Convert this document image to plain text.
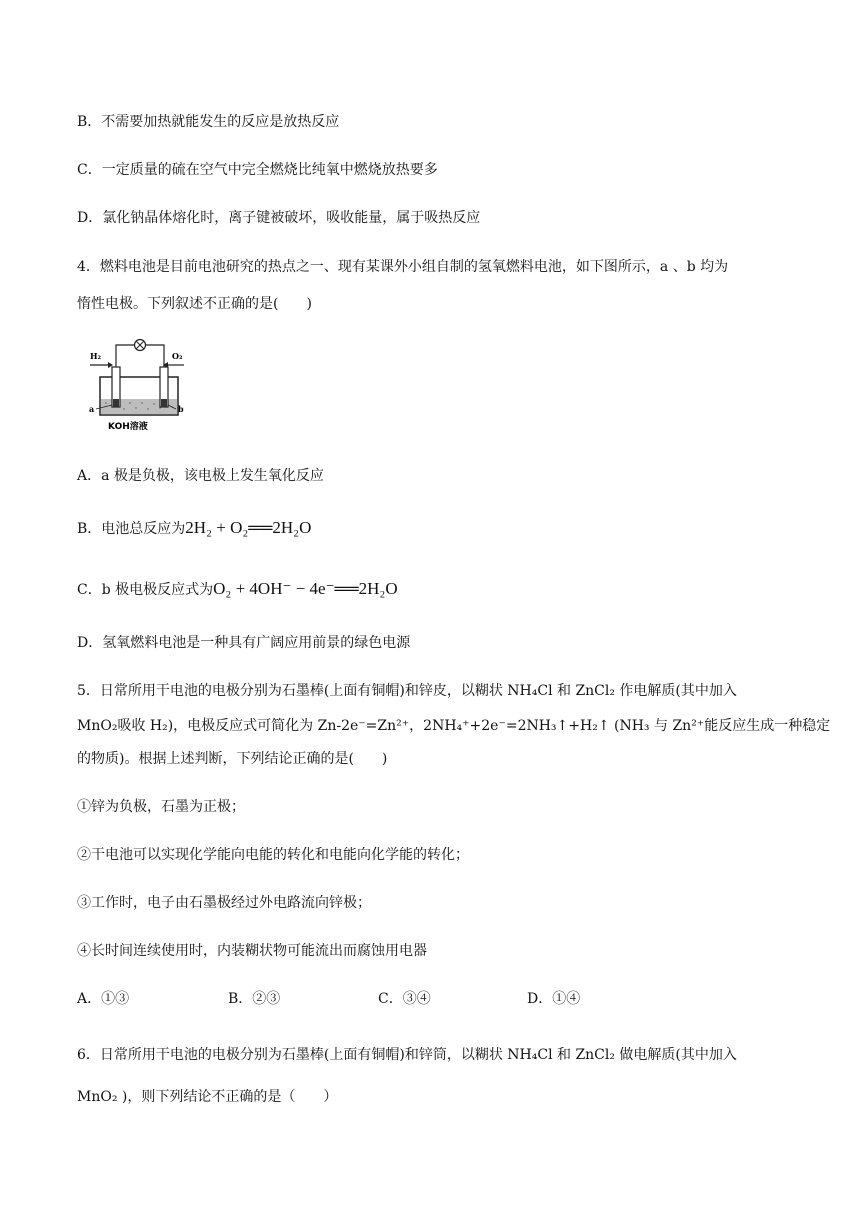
B．不需要加热就能发生的反应是放热反应
C．一定质量的硫在空气中完全燃烧比纯氧中燃烧放热要多
D．氯化钠晶体熔化时，离子键被破坏，吸收能量，属于吸热反应
4．燃料电池是目前电池研究的热点之一、现有某课外小组自制的氢氧燃料电池，如下图所示，a 、b 均为
惰性电极。下列叙述不正确的是(　　)
H₂	O₂
a	b
KOH溶液
A．a 极是负极，该电极上发生氧化反应
B．电池总反应为2H₂ + O₂══2H₂O
C．b 极电极反应式为O₂ + 4OH⁻ − 4e⁻══2H₂O
D．氢氧燃料电池是一种具有广阔应用前景的绿色电源
5．日常所用干电池的电极分别为石墨棒(上面有铜帽)和锌皮，以糊状 NH₄Cl 和 ZnCl₂ 作电解质(其中加入
MnO₂吸收 H₂)，电极反应式可简化为 Zn-2e⁻=Zn²⁺，2NH₄⁺+2e⁻=2NH₃↑+H₂↑ (NH₃ 与 Zn²⁺能反应生成一种稳定
的物质)。根据上述判断，下列结论正确的是(　　)
①锌为负极，石墨为正极；
②干电池可以实现化学能向电能的转化和电能向化学能的转化；
③工作时，电子由石墨极经过外电路流向锌极；
④长时间连续使用时，内装糊状物可能流出而腐蚀用电器
A．①③	B．②③	C．③④	D．①④
6．日常所用干电池的电极分别为石墨棒(上面有铜帽)和锌筒，以糊状 NH₄Cl 和 ZnCl₂ 做电解质(其中加入
MnO₂ )，则下列结论不正确的是（　　）
